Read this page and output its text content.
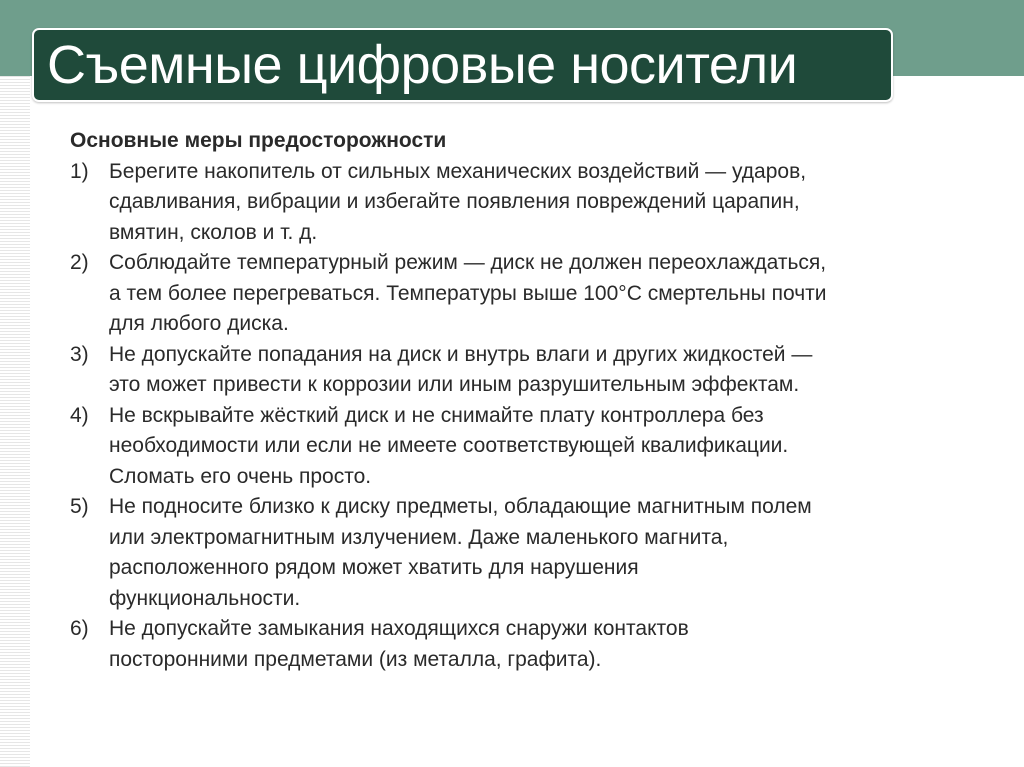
Съемные цифровые носители
Основные меры предосторожности
1) Берегите накопитель от сильных механических воздействий — ударов,
сдавливания, вибрации и избегайте появления повреждений царапин,
вмятин, сколов и т. д.
2) Соблюдайте температурный режим — диск не должен переохлаждаться,
а тем более перегреваться. Температуры выше 100°С смертельны почти
для любого диска.
3) Не допускайте попадания на диск и внутрь влаги и других жидкостей —
это может привести к коррозии или иным разрушительным эффектам.
4) Не вскрывайте жёсткий диск и не снимайте плату контроллера без
необходимости или если не имеете соответствующей квалификации.
Сломать его очень просто.
5) Не подносите близко к диску предметы, обладающие магнитным полем
или электромагнитным излучением. Даже маленького магнита,
расположенного рядом может хватить для нарушения
функциональности.
6) Не допускайте замыкания находящихся снаружи контактов
посторонними предметами (из металла, графита).
